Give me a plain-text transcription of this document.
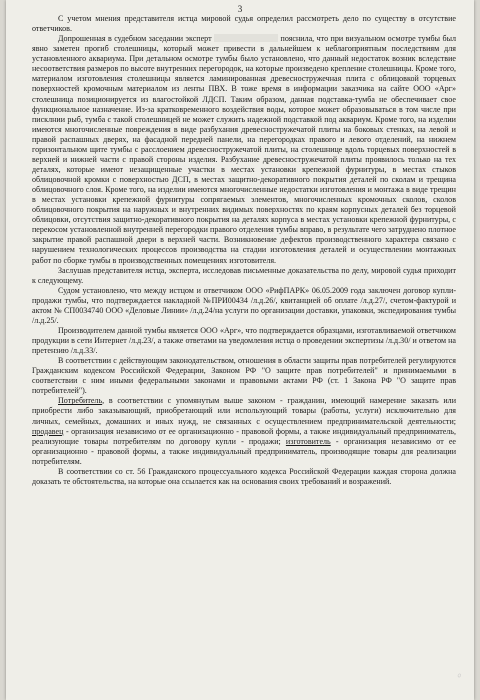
3

С учетом мнения представителя истца мировой судья определил рассмотреть дело по существу в отсутствие ответчиков.

Допрошенная в судебном заседании эксперт	пояснила, что при визуальном осмотре тумбы был явно заметен прогиб столешницы, который может привести в дальнейшем к неблагоприятным последствиям для установленного аквариума. При детальном осмотре тумбы было установлено, что данный недостаток возник вследствие несоответствия размеров по высоте внутренних перегородок, на которые произведено крепление столешницы. Кроме того, материалом изготовления столешницы является ламинированная древесностружечная плита с облицовкой торцевых поверхностей кромочным материалом из ленты ПВХ. В тоже время в информации заказчика на сайте ООО «Арг» столешница позиционируется из влагостойкой ЛДСП. Таким образом, данная подставка-тумба не обеспечивает свое функциональное назначение. Из-за кратковременного воздействия воды, которое может образовываться в том числе при писклнии рыб, тумба с такой столешницей не может служить надежной подставкой под аквариум. Кроме того, на изделии имеются многочисленные повреждения в виде разбухания древесностружечатой плиты на боковых стенках, на левой и правой распашных дверях, на фасадной передней панели, на перегородках правого и левого отделений, на нижнем горизонтальном щите тумбы с расслоением древесностружечатой плиты, на столешнице вдоль торцевых поверхностей в верхней и нижней части с правой стороны изделия. Разбухание древесностружечатой плиты проявилось только на тех деталях, которые имеют незащищенные участки в местах установки крепежной фурнитуры, в местах стыков облицовочной кромки с поверхностью ДСП, в местах защитно-декоративного покрытия деталей по сколам и трещина облицовочного слоя. Кроме того, на изделии имеются многочисленные недостатки изготовления и монтажа в виде трещин в местах установки крепежной фурнитуры сопрягаемых элементов, многочисленных кромочных сколов, сколов облицовочного покрытия на наружных и внутренних видимых поверхностях по краям корпусных деталей без торцевой облицовки, отсутствия защитно-декоративного покрытия на деталях корпуса в местах установки крепежной фурнитуры, с перекосом установленной внутренней перегородки правого отделения тумбы вправо, в результате чего затруднено плотное закрытие правой распашной двери в верхней части. Возникновение дефектов производственного характера связано с нарушением технологических процессов производства на стадии изготовления деталей и осуществлении монтажных работ по сборке тумбы в производственных помещениях изготовителя.

Заслушав представителя истца, эксперта, исследовав письменные доказательства по делу, мировой судья приходит к следующему.

Судом установлено, что между истцом и ответчиком ООО «РифПАРК» 06.05.2009 года заключен договор купли-продажи тумбы, что подтверждается накладной №ПРИ00434 /л.д.26/, квитанцией об оплате /л.д.27/, счетом-фактурой и актом № СП0034740 ООО «Деловые Линии» /л.д.24/на услуги по организации доставки, упаковки, экспедирования тумбы /л.д.25/.

Производителем данной тумбы является ООО «Арг», что подтверждается образцами, изготавливаемой ответчиком продукции в сети Интернет /л.д.23/, а также ответами на уведомления истца о проведении экспертизы /л.д.30/ и ответом на претензию /л.д.33/.

В соответствии с действующим законодательством, отношения в области защиты прав потребителей регулируются Гражданским кодексом Российской Федерации, Законом РФ "О защите прав потребителей" и принимаемыми в соответствии с ним иными федеральными законами и правовыми актами РФ (ст. 1 Закона РФ "О защите прав потребителей").

Потребитель, в соответствии с упомянутым выше законом - гражданин, имеющий намерение заказать или приобрести либо заказывающий, приобретающий или использующий товары (работы, услуги) исключительно для личных, семейных, домашних и иных нужд, не связанных с осуществлением предпринимательской деятельности; продавец - организация независимо от ее организационно - правовой формы, а также индивидуальный предприниматель, реализующие товары потребителям по договору купли - продажи; изготовитель - организация независимо от ее организационно - правовой формы, а также индивидуальный предприниматель, производящие товары для реализации потребителям.

В соответствии со ст. 56 Гражданского процессуального кодекса Российской Федерации каждая сторона должна доказать те обстоятельства, на которые она ссылается как на основания своих требований и возражений.

ﾟ
